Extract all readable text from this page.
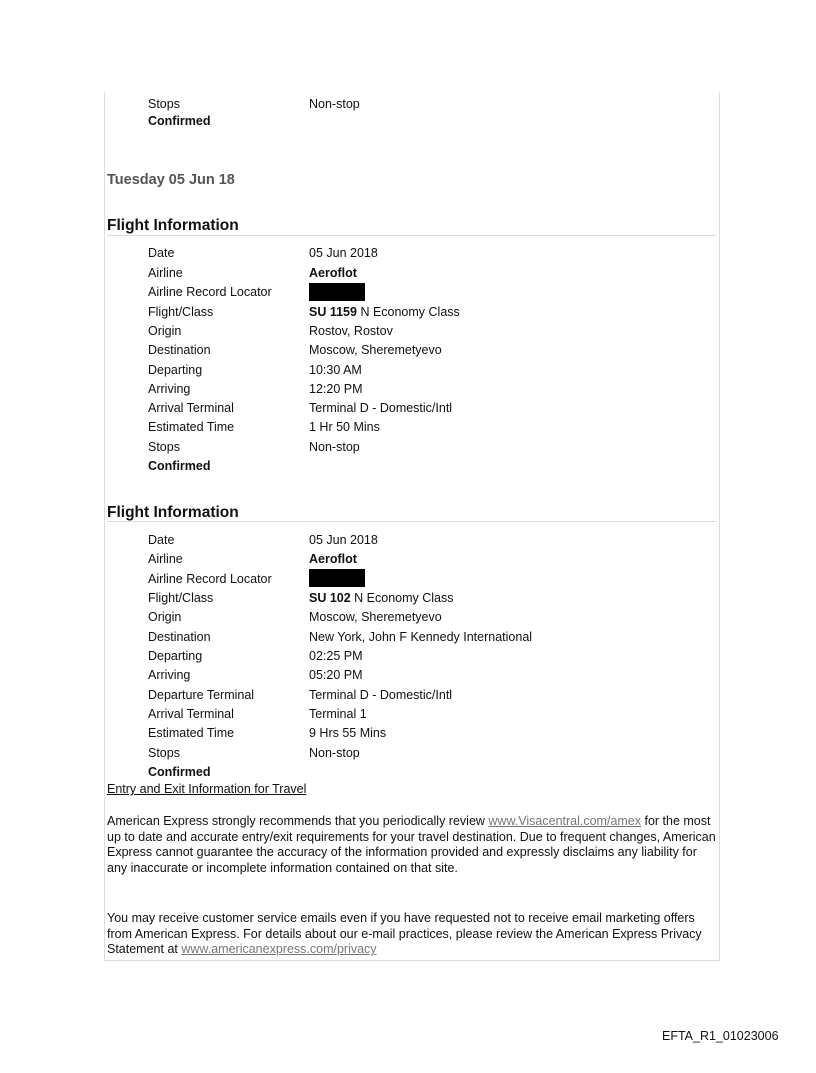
Stops	Non-stop
Confirmed
Tuesday 05 Jun 18
Flight Information
Date	05 Jun 2018
Airline	Aeroflot
Airline Record Locator
Flight/Class	SU 1159 N Economy Class
Origin	Rostov, Rostov
Destination	Moscow, Sheremetyevo
Departing	10:30 AM
Arriving	12:20 PM
Arrival Terminal	Terminal D - Domestic/Intl
Estimated Time	1 Hr 50 Mins
Stops	Non-stop
Confirmed
Flight Information
Date	05 Jun 2018
Airline	Aeroflot
Airline Record Locator
Flight/Class	SU 102 N Economy Class
Origin	Moscow, Sheremetyevo
Destination	New York, John F Kennedy International
Departing	02:25 PM
Arriving	05:20 PM
Departure Terminal	Terminal D - Domestic/Intl
Arrival Terminal	Terminal 1
Estimated Time	9 Hrs 55 Mins
Stops	Non-stop
Confirmed
Entry and Exit Information for Travel
American Express strongly recommends that you periodically review www.Visacentral.com/amex for the most up to date and accurate entry/exit requirements for your travel destination. Due to frequent changes, American Express cannot guarantee the accuracy of the information provided and expressly disclaims any liability for any inaccurate or incomplete information contained on that site.
You may receive customer service emails even if you have requested not to receive email marketing offers from American Express. For details about our e-mail practices, please review the American Express Privacy Statement at www.americanexpress.com/privacy
EFTA_R1_01023006
